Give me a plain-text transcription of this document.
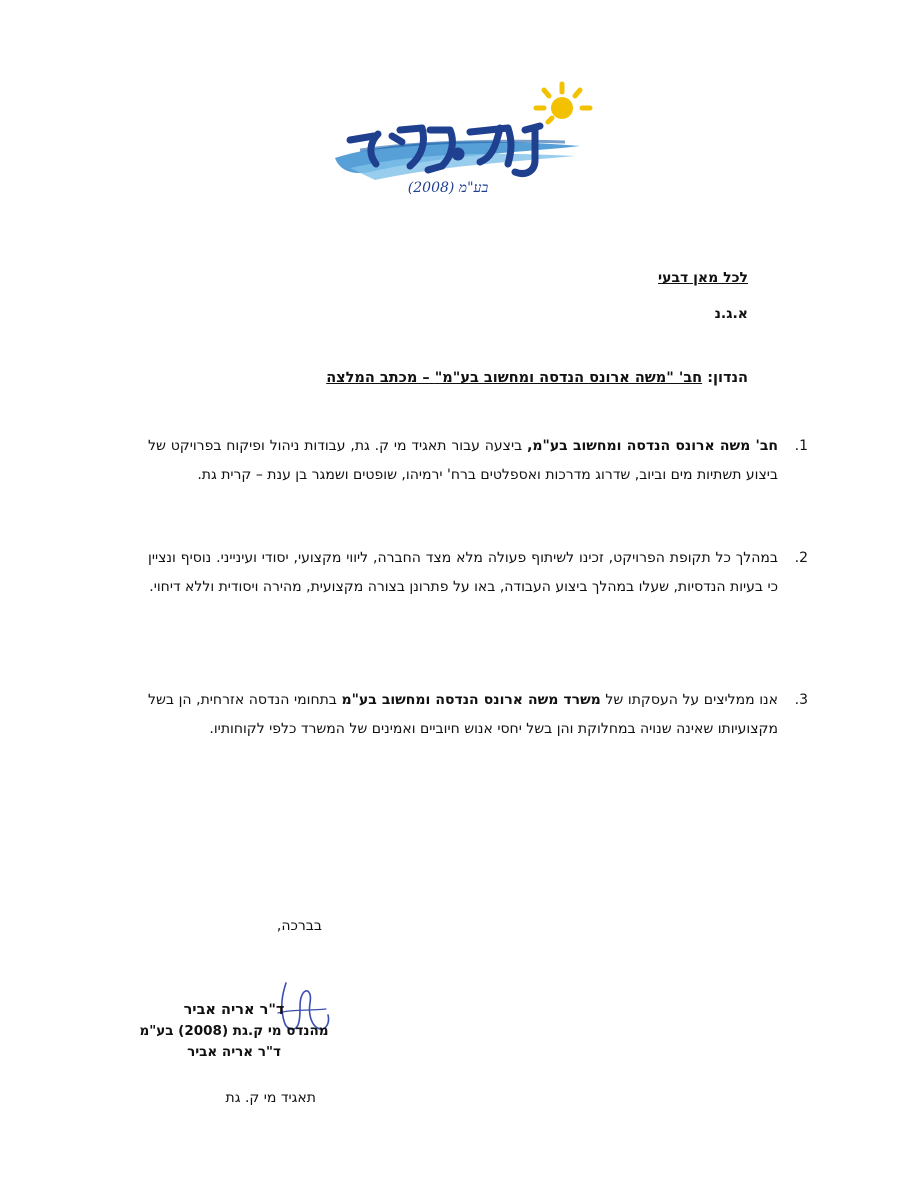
בע"מ (2008)
לכל מאן דבעי
א.ג.נ
הנדון: חב' "משה ארונס הנדסה ומחשוב בע"מ" – מכתב המלצה
1.
חב' משה ארונס הנדסה ומחשוב בע"מ, ביצעה עבור תאגיד מי ק. גת, עבודות ניהול ופיקוח בפרויקט של ביצוע תשתיות מים וביוב, שדרוג מדרכות ואספלטים ברח' ירמיהו, שופטים ושמגר בן ענת – קרית גת.
2.
במהלך כל תקופת הפרויקט, זכינו לשיתוף פעולה מלא מצד החברה, ליווי מקצועי, יסודי ועינייני. נוסיף ונציין כי בעיות הנדסיות, שעלו במהלך ביצוע העבודה, באו על פתרונן בצורה מקצועית, מהירה ויסודית וללא דיחוי.
3.
אנו ממליצים על העסקתו של משרד משה ארונס הנדסה ומחשוב בע"מ בתחומי הנדסה אזרחית, הן בשל מקצועיותו שאינה שנויה במחלוקת והן בשל יחסי אנוש חיוביים ואמינים של המשרד כלפי לקוחותיו.
בברכה,
ד"ר אריה אביר
מהנדס מי ק.גת (2008) בע"מ
ד"ר אריה אביר
תאגיד מי ק. גת
